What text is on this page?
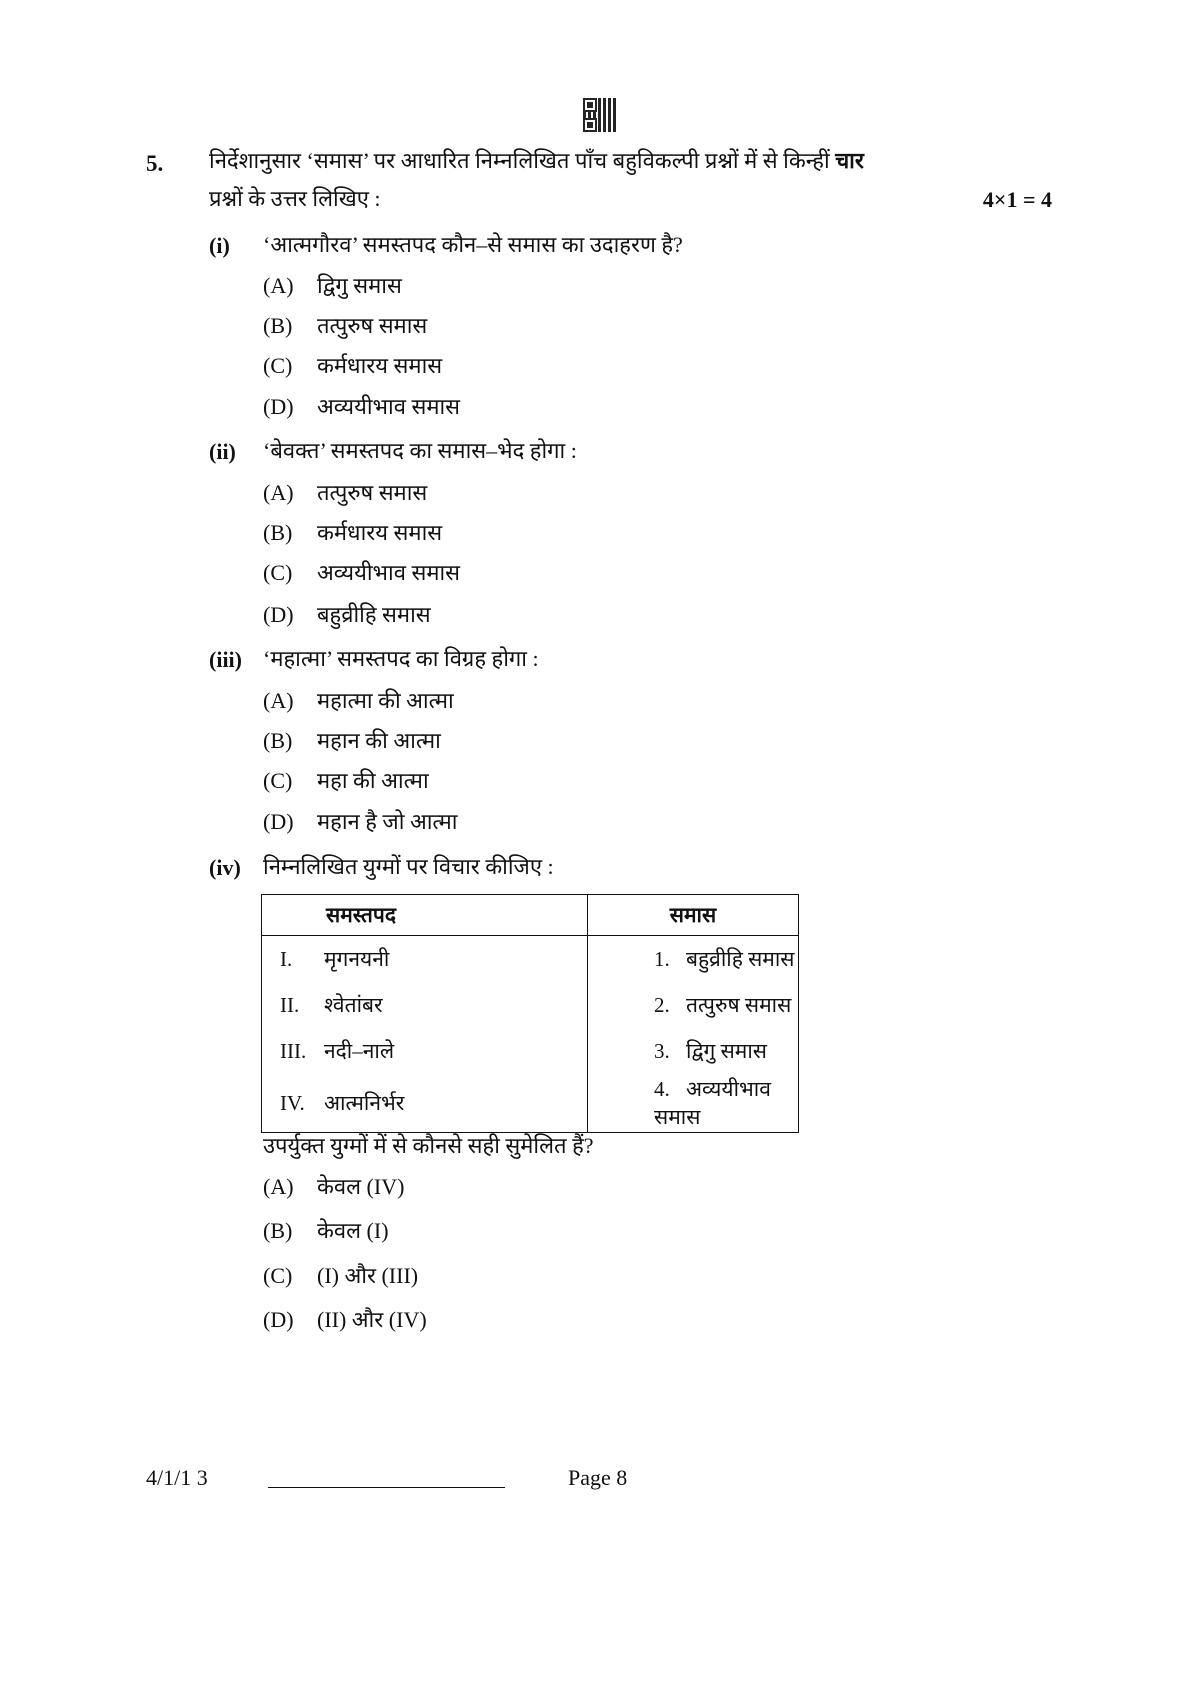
5. निर्देशानुसार ‘समास’ पर आधारित निम्नलिखित पाँच बहुविकल्पी प्रश्नों में से किन्हीं चार
प्रश्नों के उत्तर लिखिए :	4×1 = 4
(i) ‘आत्मगौरव’ समस्तपद कौन–से समास का उदाहरण है?
(A) द्विगु समास
(B) तत्पुरुष समास
(C) कर्मधारय समास
(D) अव्ययीभाव समास
(ii) ‘बेवक्त’ समस्तपद का समास–भेद होगा :
(A) तत्पुरुष समास
(B) कर्मधारय समास
(C) अव्ययीभाव समास
(D) बहुव्रीहि समास
(iii) ‘महात्मा’ समस्तपद का विग्रह होगा :
(A) महात्मा की आत्मा
(B) महान की आत्मा
(C) महा की आत्मा
(D) महान है जो आत्मा
(iv) निम्नलिखित युग्मों पर विचार कीजिए :
(A) केवल (IV)
(B) केवल (I)
(C) (I) और (III)
(D) (II) और (IV)
समस्तपद	समास
I. मृगनयनी	1. बहुव्रीहि समास
II. श्वेतांबर	2. तत्पुरुष समास
III. नदी–नाले	3. द्विगु समास
IV. आत्मनिर्भर	4. अव्ययीभाव समास
उपर्युक्त युग्मों में से कौनसे सही सुमेलित हैं?
4/1/1 3	Page 8
